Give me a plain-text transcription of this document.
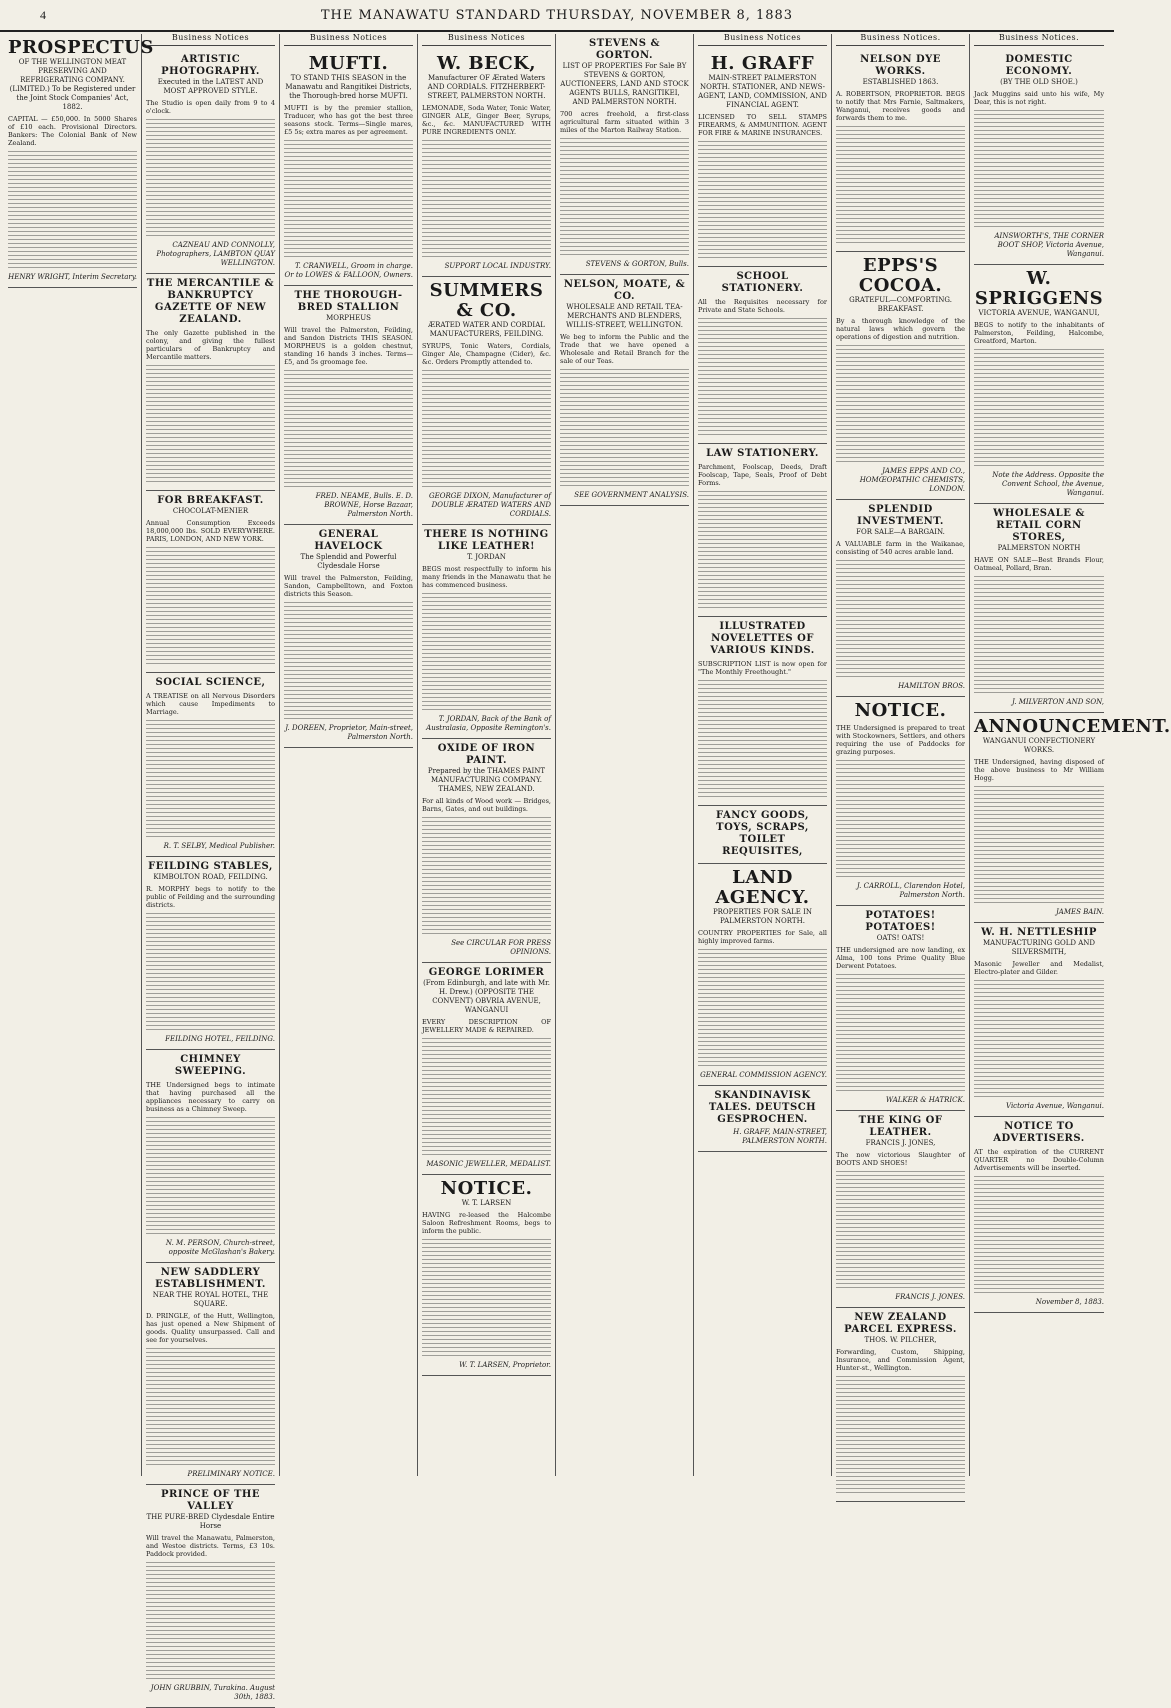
4	THE MANAWATU STANDARD THURSDAY, NOVEMBER 8, 1883
PROSPECTUS
OF THE WELLINGTON MEAT PRESERVING AND REFRIGERATING COMPANY. (LIMITED.) To be Registered under the Joint Stock Companies' Act, 1882.
CAPITAL — £50,000. In 5000 Shares of £10 each. Provisional Directors. Bankers: The Colonial Bank of New Zealand.
HENRY WRIGHT, Interim Secretary.
Business Notices
ARTISTIC PHOTOGRAPHY.
Executed in the LATEST AND MOST APPROVED STYLE.
The Studio is open daily from 9 to 4 o'clock.
CAZNEAU AND CONNOLLY, Photographers, LAMBTON QUAY WELLINGTON.
THE MERCANTILE & BANKRUPTCY GAZETTE OF NEW ZEALAND.
The only Gazette published in the colony, and giving the fullest particulars of Bankruptcy and Mercantile matters.
FOR BREAKFAST.
CHOCOLAT-MENIER
Annual Consumption Exceeds 18,000,000 lbs. SOLD EVERYWHERE. PARIS, LONDON, AND NEW YORK.
SOCIAL SCIENCE,
A TREATISE on all Nervous Disorders which cause Impediments to Marriage.
R. T. SELBY, Medical Publisher.
FEILDING STABLES,
KIMBOLTON ROAD, FEILDING.
R. MORPHY begs to notify to the public of Feilding and the surrounding districts.
FEILDING HOTEL, FEILDING.
CHIMNEY SWEEPING.
THE Undersigned begs to intimate that having purchased all the appliances necessary to carry on business as a Chimney Sweep.
N. M. PERSON, Church-street, opposite McGlashan's Bakery.
NEW SADDLERY ESTABLISHMENT.
NEAR THE ROYAL HOTEL, THE SQUARE.
D. PRINGLE, of the Hutt, Wellington, has just opened a New Shipment of goods. Quality unsurpassed. Call and see for yourselves.
PRELIMINARY NOTICE.
PRINCE OF THE VALLEY
THE PURE-BRED Clydesdale Entire Horse
Will travel the Manawatu, Palmerston, and Westoe districts. Terms, £3 10s. Paddock provided.
JOHN GRUBBIN, Turakina. August 30th, 1883.
Business Notices
MUFTI.
TO STAND THIS SEASON in the Manawatu and Rangitikei Districts, the Thorough-bred horse MUFTI.
MUFTI is by the premier stallion, Traducer, who has got the best three seasons stock. Terms—Single mares, £5 5s; extra mares as per agreement.
T. CRANWELL, Groom in charge. Or to LOWES & FALLOON, Owners.
THE THOROUGH-BRED STALLION
MORPHEUS
Will travel the Palmerston, Feilding, and Sandon Districts THIS SEASON. MORPHEUS is a golden chestnut, standing 16 hands 3 inches. Terms—£5, and 5s groomage fee.
FRED. NEAME, Bulls. E. D. BROWNE, Horse Bazaar, Palmerston North.
GENERAL HAVELOCK
The Splendid and Powerful Clydesdale Horse
Will travel the Palmerston, Feilding, Sandon, Campbelltown, and Foxton districts this Season.
J. DOREEN, Proprietor, Main-street, Palmerston North.
Business Notices
W. BECK,
Manufacturer OF Ærated Waters AND CORDIALS. FITZHERBERT-STREET, PALMERSTON NORTH.
LEMONADE, Soda Water, Tonic Water, GINGER ALE, Ginger Beer, Syrups, &c., &c. MANUFACTURED WITH PURE INGREDIENTS ONLY.
SUPPORT LOCAL INDUSTRY.
SUMMERS & CO.
ÆRATED WATER AND CORDIAL MANUFACTURERS, FEILDING.
SYRUPS, Tonic Waters, Cordials, Ginger Ale, Champagne (Cider), &c. &c. Orders Promptly attended to.
GEORGE DIXON, Manufacturer of DOUBLE ÆRATED WATERS AND CORDIALS.
THERE IS NOTHING LIKE LEATHER!
T. JORDAN
BEGS most respectfully to inform his many friends in the Manawatu that he has commenced business.
T. JORDAN, Back of the Bank of Australasia, Opposite Remington's.
OXIDE OF IRON PAINT.
Prepared by the THAMES PAINT MANUFACTURING COMPANY. THAMES, NEW ZEALAND.
For all kinds of Wood work — Bridges, Barns, Gates, and out buildings.
See CIRCULAR FOR PRESS OPINIONS.
GEORGE LORIMER
(From Edinburgh, and late with Mr. H. Drew.) (OPPOSITE THE CONVENT) OBVRIA AVENUE, WANGANUI
EVERY DESCRIPTION OF JEWELLERY MADE & REPAIRED.
MASONIC JEWELLER, MEDALIST.
NOTICE.
W. T. LARSEN
HAVING re-leased the Halcombe Saloon Refreshment Rooms, begs to inform the public.
W. T. LARSEN, Proprietor.
STEVENS & GORTON.
LIST OF PROPERTIES For Sale BY STEVENS & GORTON, AUCTIONEERS, LAND AND STOCK AGENTS BULLS, RANGITIKEI, AND PALMERSTON NORTH.
700 acres freehold, a first-class agricultural farm situated within 3 miles of the Marton Railway Station.
STEVENS & GORTON, Bulls.
NELSON, MOATE, & CO.
WHOLESALE AND RETAIL TEA-MERCHANTS AND BLENDERS, WILLIS-STREET, WELLINGTON.
We beg to inform the Public and the Trade that we have opened a Wholesale and Retail Branch for the sale of our Teas.
SEE GOVERNMENT ANALYSIS.
Business Notices
H. GRAFF
MAIN-STREET PALMERSTON NORTH. STATIONER, AND NEWS-AGENT, LAND, COMMISSION, AND FINANCIAL AGENT.
LICENSED TO SELL STAMPS FIREARMS, & AMMUNITION. AGENT FOR FIRE & MARINE INSURANCES.
SCHOOL STATIONERY.
All the Requisites necessary for Private and State Schools.
LAW STATIONERY.
Parchment, Foolscap, Deeds, Draft Foolscap, Tape, Seals, Proof of Debt Forms.
ILLUSTRATED NOVELETTES OF VARIOUS KINDS.
SUBSCRIPTION LIST is now open for "The Monthly Freethought."
FANCY GOODS, TOYS, SCRAPS, TOILET REQUISITES,
LAND AGENCY.
PROPERTIES FOR SALE IN PALMERSTON NORTH.
COUNTRY PROPERTIES for Sale, all highly improved farms.
GENERAL COMMISSION AGENCY.
SKANDINAVISK TALES. DEUTSCH GESPROCHEN.
H. GRAFF, MAIN-STREET, PALMERSTON NORTH.
Business Notices.
NELSON DYE WORKS.
ESTABLISHED 1863.
A. ROBERTSON, PROPRIETOR. BEGS to notify that Mrs Farnie, Saltmakers, Wanganui, receives goods and forwards them to me.
EPPS'S COCOA.
GRATEFUL—COMFORTING. BREAKFAST.
By a thorough knowledge of the natural laws which govern the operations of digestion and nutrition.
JAMES EPPS AND CO., HOMŒOPATHIC CHEMISTS, LONDON.
SPLENDID INVESTMENT.
FOR SALE—A BARGAIN.
A VALUABLE farm in the Waikanae, consisting of 540 acres arable land.
HAMILTON BROS.
NOTICE.
THE Undersigned is prepared to treat with Stockowners, Settlers, and others requiring the use of Paddocks for grazing purposes.
J. CARROLL, Clarendon Hotel, Palmerston North.
POTATOES! POTATOES!
OATS! OATS!
THE undersigned are now landing, ex Alma, 100 tons Prime Quality Blue Derwent Potatoes.
WALKER & HATRICK.
THE KING OF LEATHER.
FRANCIS J. JONES,
The now victorious Slaughter of BOOTS AND SHOES!
FRANCIS J. JONES.
NEW ZEALAND PARCEL EXPRESS.
THOS. W. PILCHER,
Forwarding, Custom, Shipping, Insurance, and Commission Agent, Hunter-st., Wellington.
Business Notices.
DOMESTIC ECONOMY.
(BY THE OLD SHOE.)
Jack Muggins said unto his wife, My Dear, this is not right.
AINSWORTH'S, THE CORNER BOOT SHOP, Victoria Avenue, Wanganui.
W. SPRIGGENS
VICTORIA AVENUE, WANGANUI,
BEGS to notify to the inhabitants of Palmerston, Feilding, Halcombe, Greatford, Marton.
Note the Address. Opposite the Convent School, the Avenue, Wanganui.
WHOLESALE & RETAIL CORN STORES,
PALMERSTON NORTH
HAVE ON SALE—Best Brands Flour, Oatmeal, Pollard, Bran.
J. MILVERTON AND SON,
ANNOUNCEMENT.
WANGANUI CONFECTIONERY WORKS.
THE Undersigned, having disposed of the above business to Mr William Hogg.
JAMES BAIN.
W. H. NETTLESHIP
MANUFACTURING GOLD AND SILVERSMITH,
Masonic Jeweller and Medalist, Electro-plater and Gilder.
Victoria Avenue, Wanganui.
NOTICE TO ADVERTISERS.
AT the expiration of the CURRENT QUARTER no Double-Column Advertisements will be inserted.
November 8, 1883.
